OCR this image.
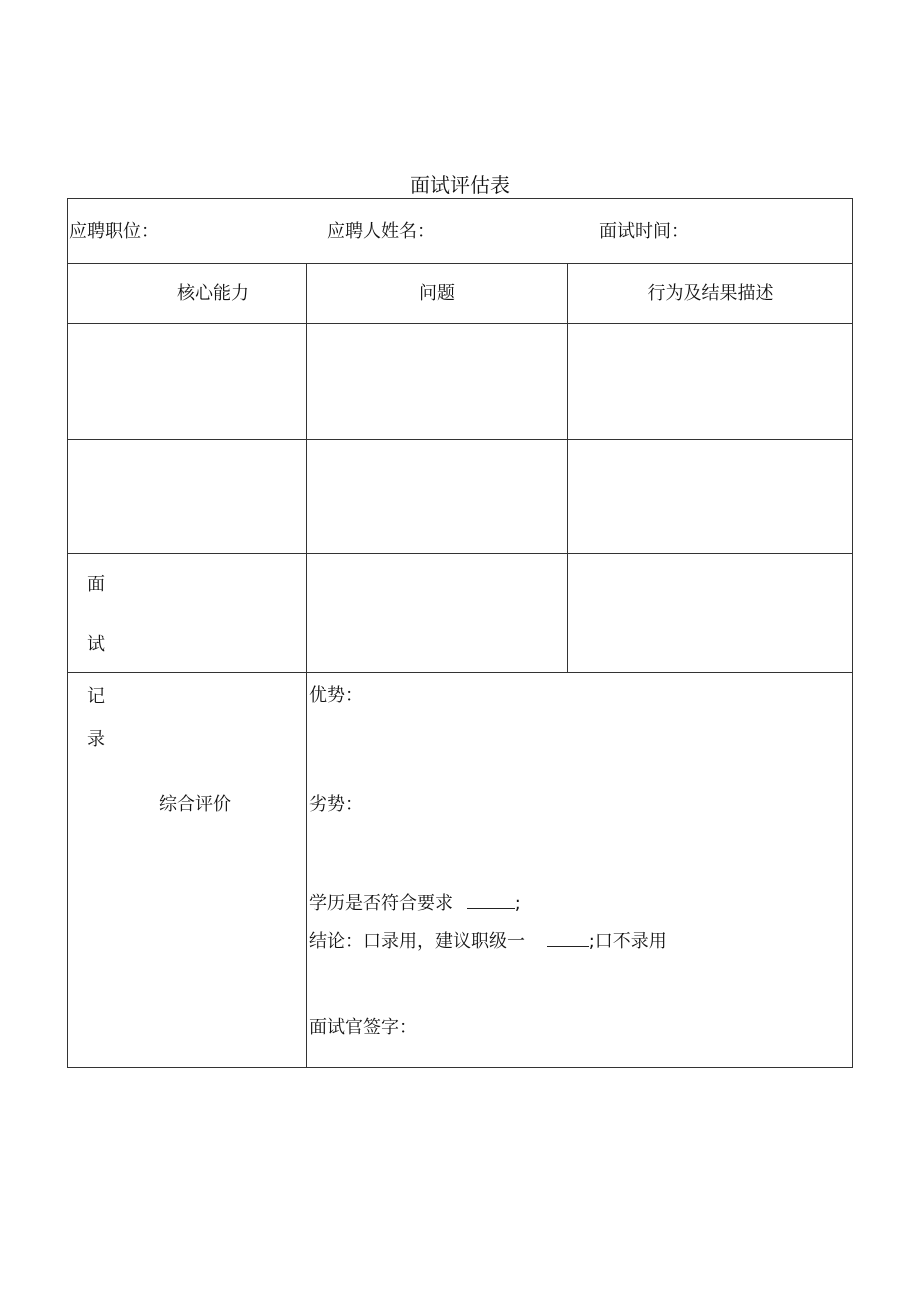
面试评估表
应聘职位：	应聘人姓名：	面试时间：
核心能力	问题	行为及结果描述
面
试
记
录
综合评价
优势：
劣势：
学历是否符合要求	;
结论：口录用，建议职级一	;口不录用
面试官签字：
